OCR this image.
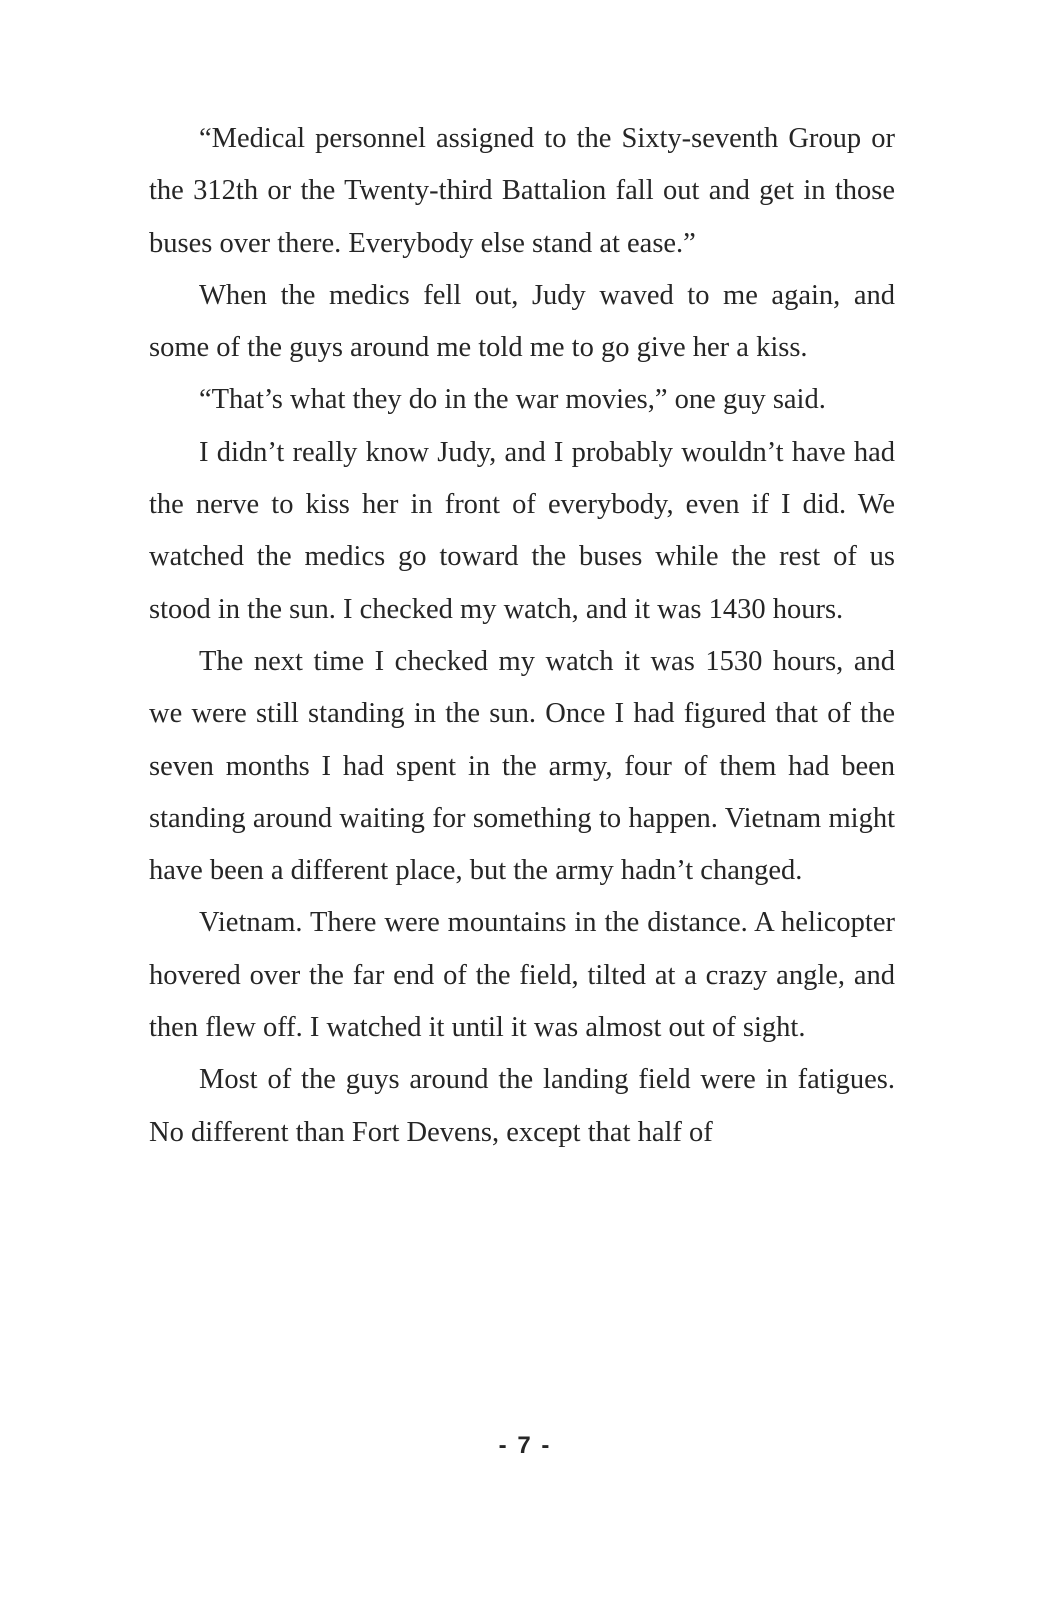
“Medical personnel assigned to the Sixty-seventh Group or the 312th or the Twenty-third Battalion fall out and get in those buses over there. Everybody else stand at ease.”

When the medics fell out, Judy waved to me again, and some of the guys around me told me to go give her a kiss.

“That’s what they do in the war movies,” one guy said.

I didn’t really know Judy, and I probably wouldn’t have had the nerve to kiss her in front of everybody, even if I did. We watched the medics go toward the buses while the rest of us stood in the sun. I checked my watch, and it was 1430 hours.

The next time I checked my watch it was 1530 hours, and we were still standing in the sun. Once I had figured that of the seven months I had spent in the army, four of them had been standing around waiting for something to happen. Vietnam might have been a different place, but the army hadn’t changed.

Vietnam. There were mountains in the distance. A helicopter hovered over the far end of the field, tilted at a crazy angle, and then flew off. I watched it until it was almost out of sight.

Most of the guys around the landing field were in fatigues. No different than Fort Devens, except that half of

- 7 -
